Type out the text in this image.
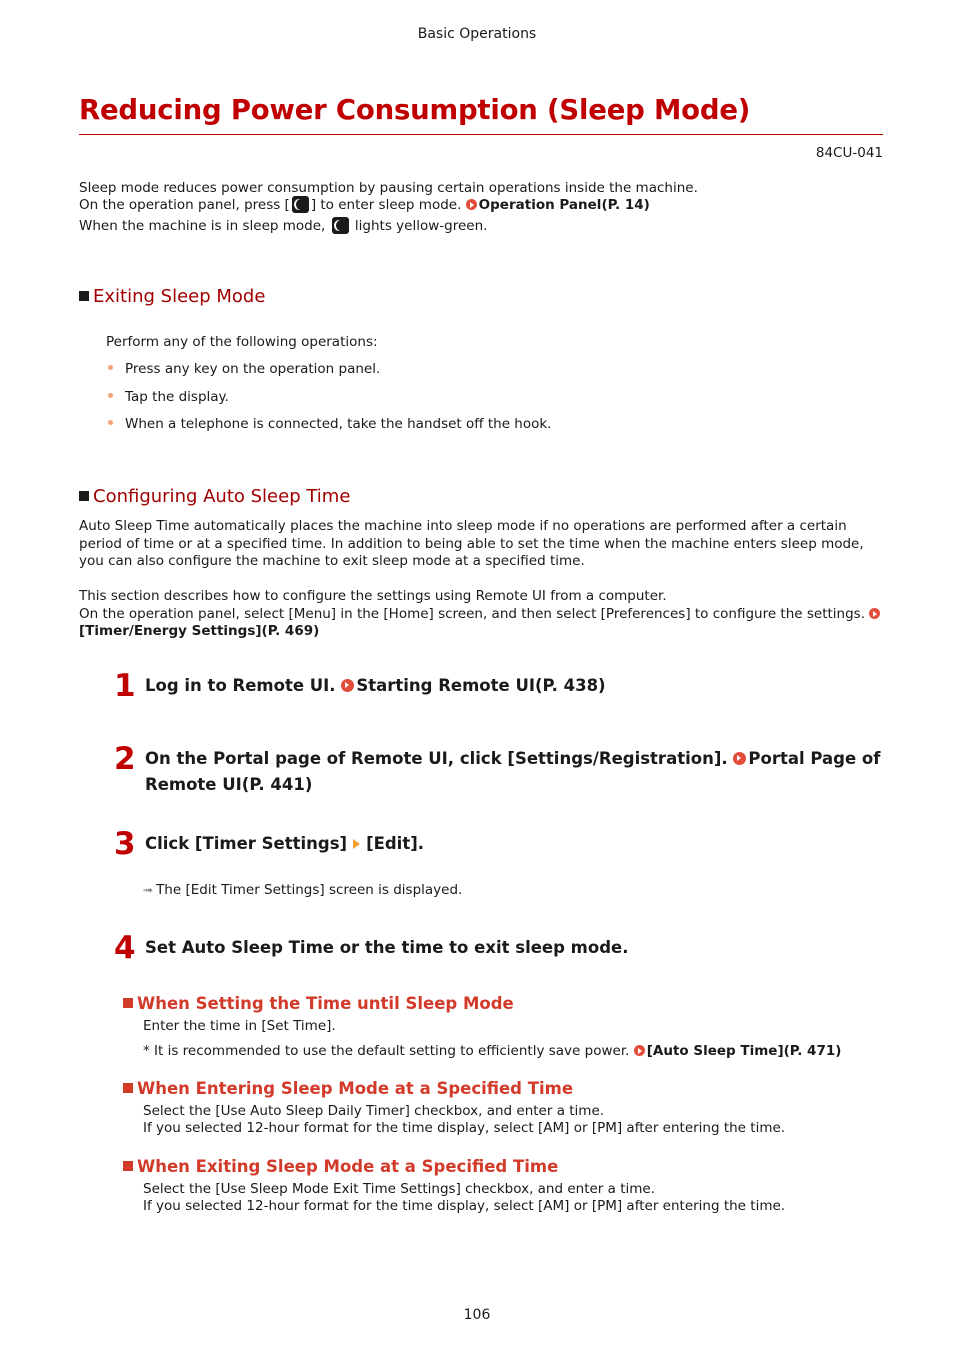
Basic Operations
Reducing Power Consumption (Sleep Mode)
84CU-041
Sleep mode reduces power consumption by pausing certain operations inside the machine.
On the operation panel, press [ ] to enter sleep mode. Operation Panel(P. 14)
When the machine is in sleep mode, lights yellow-green.
Exiting Sleep Mode
Perform any of the following operations:
Press any key on the operation panel.
Tap the display.
When a telephone is connected, take the handset off the hook.
Configuring Auto Sleep Time
Auto Sleep Time automatically places the machine into sleep mode if no operations are performed after a certain
period of time or at a specified time. In addition to being able to set the time when the machine enters sleep mode,
you can also configure the machine to exit sleep mode at a specified time.
This section describes how to configure the settings using Remote UI from a computer.
On the operation panel, select [Menu] in the [Home] screen, and then select [Preferences] to configure the settings.
[Timer/Energy Settings](P. 469)
1 Log in to Remote UI. Starting Remote UI(P. 438)
2 On the Portal page of Remote UI, click [Settings/Registration]. Portal Page of
Remote UI(P. 441)
3 Click [Timer Settings] [Edit].
➟ The [Edit Timer Settings] screen is displayed.
4 Set Auto Sleep Time or the time to exit sleep mode.
When Setting the Time until Sleep Mode
Enter the time in [Set Time].
* It is recommended to use the default setting to efficiently save power. [Auto Sleep Time](P. 471)
When Entering Sleep Mode at a Specified Time
Select the [Use Auto Sleep Daily Timer] checkbox, and enter a time.
If you selected 12-hour format for the time display, select [AM] or [PM] after entering the time.
When Exiting Sleep Mode at a Specified Time
Select the [Use Sleep Mode Exit Time Settings] checkbox, and enter a time.
If you selected 12-hour format for the time display, select [AM] or [PM] after entering the time.
106
